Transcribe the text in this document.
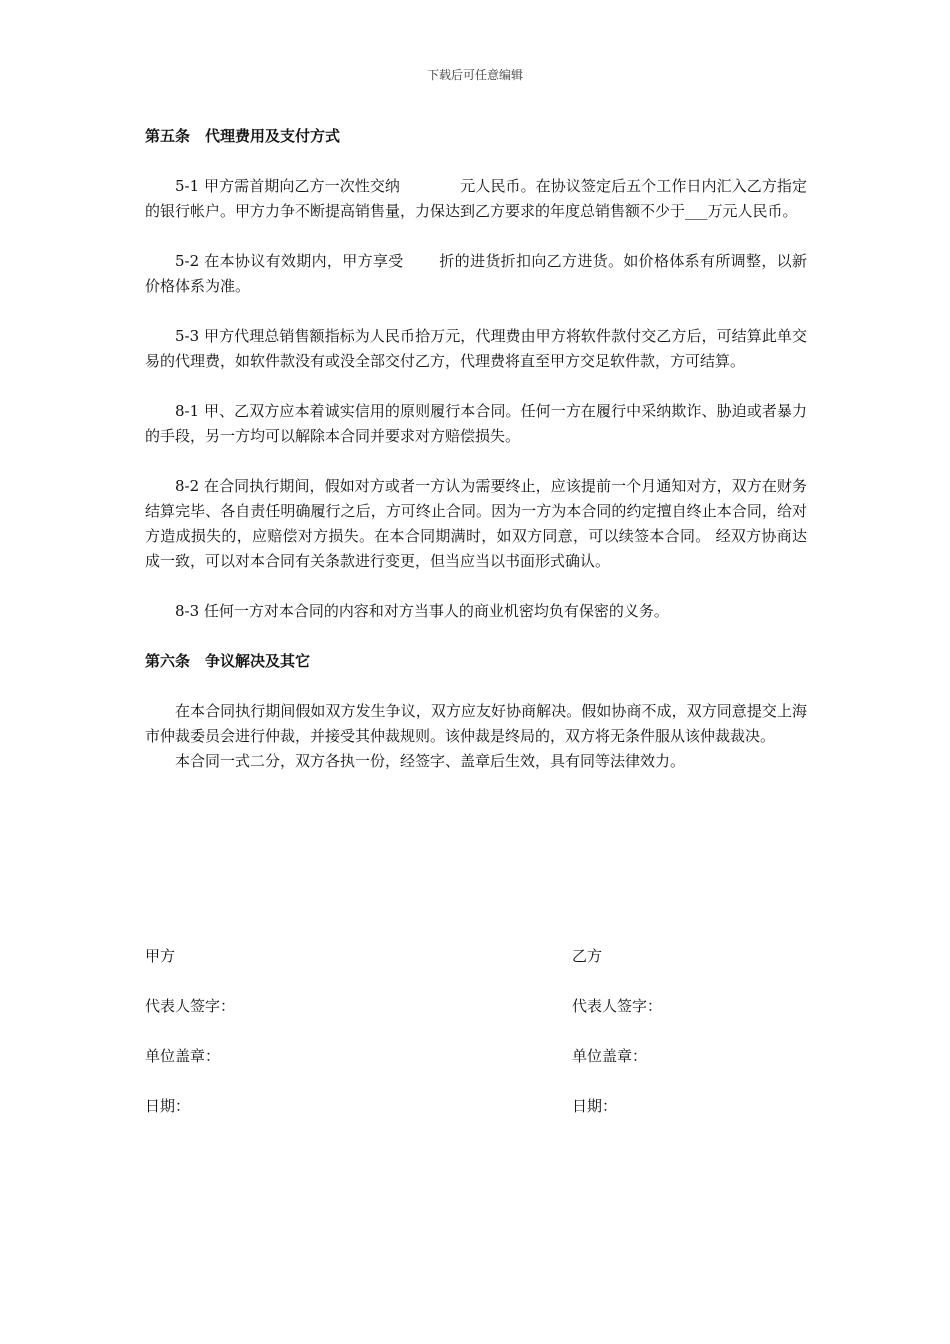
下载后可任意编辑

第五条　代理费用及支付方式

5-1 甲方需首期向乙方一次性交纳　　　　元人民币。在协议签定后五个工作日内汇入乙方指定的银行帐户。甲方力争不断提高销售量，力保达到乙方要求的年度总销售额不少于___万元人民币。

5-2 在本协议有效期内，甲方享受　　 折的进货折扣向乙方进货。如价格体系有所调整，以新价格体系为准。

5-3 甲方代理总销售额指标为人民币拾万元，代理费由甲方将软件款付交乙方后，可结算此单交易的代理费，如软件款没有或没全部交付乙方，代理费将直至甲方交足软件款，方可结算。

8-1 甲、乙双方应本着诚实信用的原则履行本合同。任何一方在履行中采纳欺诈、胁迫或者暴力的手段，另一方均可以解除本合同并要求对方赔偿损失。

8-2 在合同执行期间，假如对方或者一方认为需要终止，应该提前一个月通知对方，双方在财务结算完毕、各自责任明确履行之后，方可终止合同。因为一方为本合同的约定擅自终止本合同，给对方造成损失的，应赔偿对方损失。在本合同期满时，如双方同意，可以续签本合同。 经双方协商达成一致，可以对本合同有关条款进行变更，但当应当以书面形式确认。

8-3 任何一方对本合同的内容和对方当事人的商业机密均负有保密的义务。

第六条　争议解决及其它

在本合同执行期间假如双方发生争议，双方应友好协商解决。假如协商不成，双方同意提交上海市仲裁委员会进行仲裁，并接受其仲裁规则。该仲裁是终局的，双方将无条件服从该仲裁裁决。

本合同一式二分，双方各执一份，经签字、盖章后生效，具有同等法律效力。

甲方	乙方
代表人签字：	代表人签字：
单位盖章：	单位盖章：
日期：	日期：
